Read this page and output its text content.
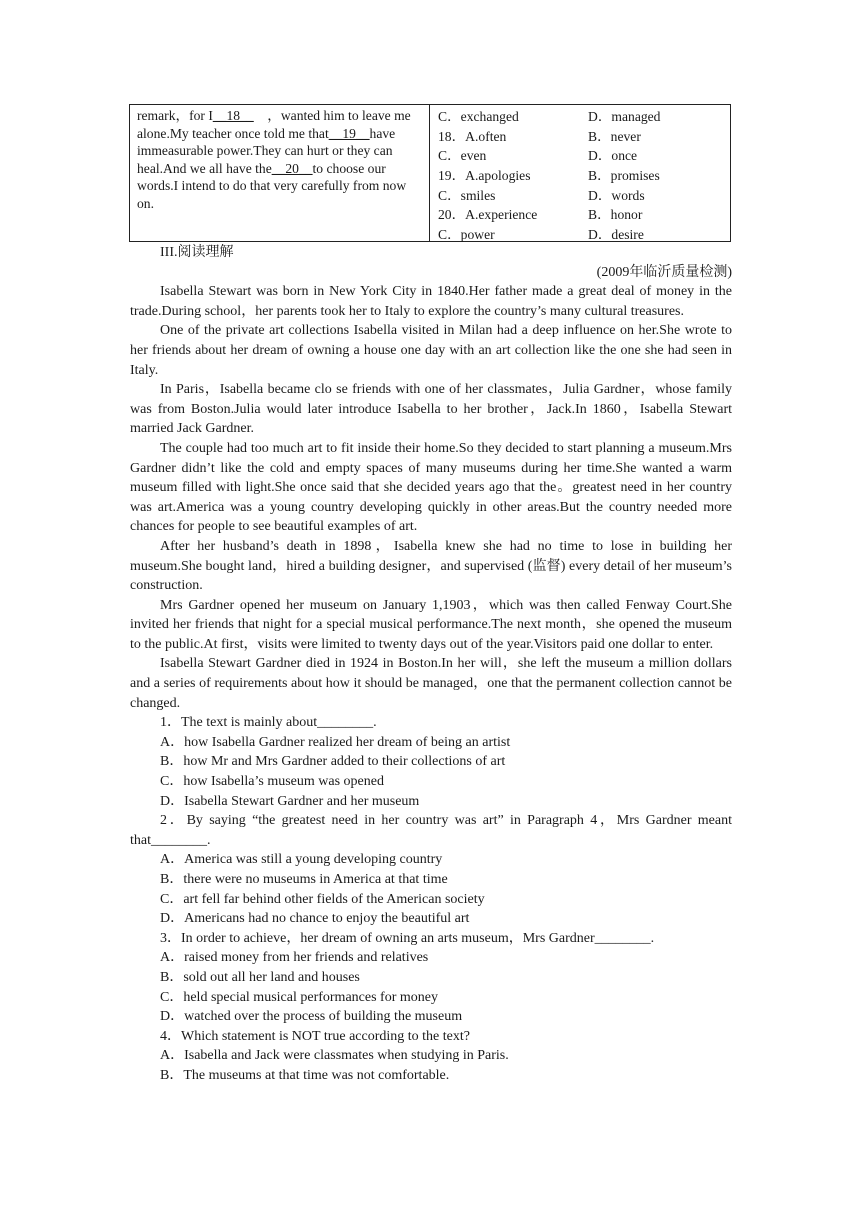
remark，for I__18__　，wanted him to leave me alone.My teacher once told me that__19__have immeasurable power.They can hurt or they can heal.And we all have the__20__to choose our words.I intend to do that very carefully from now on.
C．exchanged	D．managed
18．A.often	B．never
C．even	D．once
19．A.apologies	B．promises
C．smiles	D．words
20．A.experience	B．honor
C．power	D．desire

III.阅读理解

(2009年临沂质量检测)

Isabella Stewart was born in New York City in 1840.Her father made a great deal of money in the trade.During school，her parents took her to Italy to explore the country’s many cultural treasures.

One of the private art collections Isabella visited in Milan had a deep influence on her.She wrote to her friends about her dream of owning a house one day with an art collection like the one she had seen in Italy.

In Paris，Isabella became clo se friends with one of her classmates，Julia Gardner，whose family was from Boston.Julia would later introduce Isabella to her brother，Jack.In 1860，Isabella Stewart married Jack Gardner.

The couple had too much art to fit inside their home.So they decided to start planning a museum.Mrs Gardner didn’t like the cold and empty spaces of many museums during her time.She wanted a warm museum filled with light.She once said that she decided years ago that the。greatest need in her country was art.America was a young country developing quickly in other areas.But the country needed more chances for people to see beautiful examples of art.

After her husband’s death in 1898，Isabella knew she had no time to lose in building her museum.She bought land，hired a building designer，and supervised (监督) every detail of her museum’s construction.

Mrs Gardner opened her museum on January 1,1903，which was then called Fenway Court.She invited her friends that night for a special musical performance.The next month，she opened the museum to the public.At first，visits were limited to twenty days out of the year.Visitors paid one dollar to enter.

Isabella Stewart Gardner died in 1924 in Boston.In her will，she left the museum a million dollars and a series of requirements about how it should be managed，one that the permanent collection cannot be changed.

1．The text is mainly about________.

A．how Isabella Gardner realized her dream of being an artist

B．how Mr and Mrs Gardner added to their collections of art

C．how Isabella’s museum was opened

D．Isabella Stewart Gardner and her museum

2．By saying “the greatest need in her country was art” in Paragraph 4，Mrs Gardner meant that________.

A．America was still a young developing country

B．there were no museums in America at that time

C．art fell far behind other fields of the American society

D．Americans had no chance to enjoy the beautiful art

3．In order to achieve，her dream of owning an arts museum，Mrs Gardner________.

A．raised money from her friends and relatives

B．sold out all her land and houses

C．held special musical performances for money

D．watched over the process of building the museum

4．Which statement is NOT true according to the text?

A．Isabella and Jack were classmates when studying in Paris.

B．The museums at that time was not comfortable.
